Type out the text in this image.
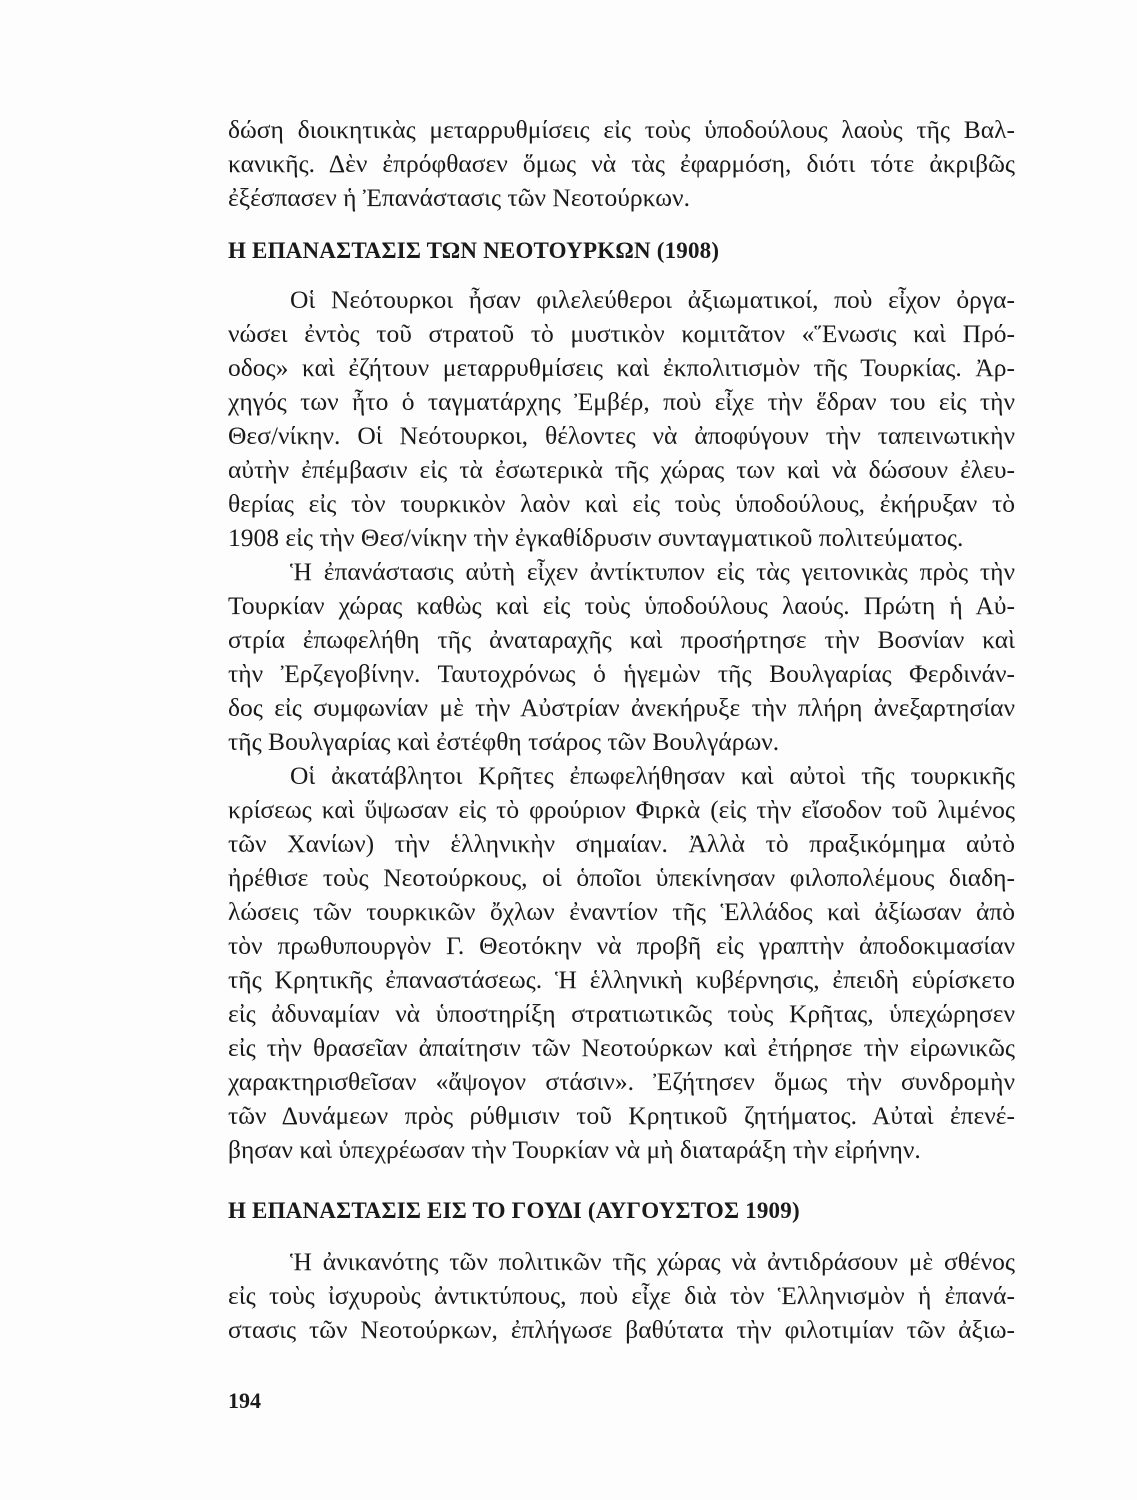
δώση διοικητικὰς μεταρρυθμίσεις εἰς τοὺς ὑποδούλους λαοὺς τῆς Βαλ-
κανικῆς. Δὲν ἐπρόφθασεν ὅμως νὰ τὰς ἐφαρμόση, διότι τότε ἀκριβῶς
ἐξέσπασεν ἡ Ἐπανάστασις τῶν Νεοτούρκων.
Η ΕΠΑΝΑΣΤΑΣΙΣ ΤΩΝ ΝΕΟΤΟΥΡΚΩΝ (1908)
Οἱ Νεότουρκοι ἦσαν φιλελεύθεροι ἀξιωματικοί, ποὺ εἶχον ὀργα-
νώσει ἐντὸς τοῦ στρατοῦ τὸ μυστικὸν κομιτᾶτον «Ἕνωσις καὶ Πρό-
οδος» καὶ ἐζήτουν μεταρρυθμίσεις καὶ ἐκπολιτισμὸν τῆς Τουρκίας. Ἀρ-
χηγός των ἦτο ὁ ταγματάρχης Ἐμβέρ, ποὺ εἶχε τὴν ἕδραν του εἰς τὴν
Θεσ/νίκην. Οἱ Νεότουρκοι, θέλοντες νὰ ἀποφύγουν τὴν ταπεινωτικὴν
αὐτὴν ἐπέμβασιν εἰς τὰ ἐσωτερικὰ τῆς χώρας των καὶ νὰ δώσουν ἐλευ-
θερίας εἰς τὸν τουρκικὸν λαὸν καὶ εἰς τοὺς ὑποδούλους, ἐκήρυξαν τὸ
1908 εἰς τὴν Θεσ/νίκην τὴν ἐγκαθίδρυσιν συνταγματικοῦ πολιτεύματος.
Ἡ ἐπανάστασις αὐτὴ εἶχεν ἀντίκτυπον εἰς τὰς γειτονικὰς πρὸς τὴν
Τουρκίαν χώρας καθὼς καὶ εἰς τοὺς ὑποδούλους λαούς. Πρώτη ἡ Αὐ-
στρία ἐπωφελήθη τῆς ἀναταραχῆς καὶ προσήρτησε τὴν Βοσνίαν καὶ
τὴν Ἐρζεγοβίνην. Ταυτοχρόνως ὁ ἡγεμὼν τῆς Βουλγαρίας Φερδινάν-
δος εἰς συμφωνίαν μὲ τὴν Αὐστρίαν ἀνεκήρυξε τὴν πλήρη ἀνεξαρτησίαν
τῆς Βουλγαρίας καὶ ἐστέφθη τσάρος τῶν Βουλγάρων.
Οἱ ἀκατάβλητοι Κρῆτες ἐπωφελήθησαν καὶ αὐτοὶ τῆς τουρκικῆς
κρίσεως καὶ ὕψωσαν εἰς τὸ φρούριον Φιρκὰ (εἰς τὴν εἴσοδον τοῦ λιμένος
τῶν Χανίων) τὴν ἑλληνικὴν σημαίαν. Ἀλλὰ τὸ πραξικόμημα αὐτὸ
ἠρέθισε τοὺς Νεοτούρκους, οἱ ὁποῖοι ὑπεκίνησαν φιλοπολέμους διαδη-
λώσεις τῶν τουρκικῶν ὄχλων ἐναντίον τῆς Ἑλλάδος καὶ ἀξίωσαν ἀπὸ
τὸν πρωθυπουργὸν Γ. Θεοτόκην νὰ προβῆ εἰς γραπτὴν ἀποδοκιμασίαν
τῆς Κρητικῆς ἐπαναστάσεως. Ἡ ἑλληνικὴ κυβέρνησις, ἐπειδὴ εὑρίσκετο
εἰς ἀδυναμίαν νὰ ὑποστηρίξη στρατιωτικῶς τοὺς Κρῆτας, ὑπεχώρησεν
εἰς τὴν θρασεῖαν ἀπαίτησιν τῶν Νεοτούρκων καὶ ἐτήρησε τὴν εἰρωνικῶς
χαρακτηρισθεῖσαν «ἄψογον στάσιν». Ἐζήτησεν ὅμως τὴν συνδρομὴν
τῶν Δυνάμεων πρὸς ρύθμισιν τοῦ Κρητικοῦ ζητήματος. Αὐταὶ ἐπενέ-
βησαν καὶ ὑπεχρέωσαν τὴν Τουρκίαν νὰ μὴ διαταράξη τὴν εἰρήνην.
Η ΕΠΑΝΑΣΤΑΣΙΣ ΕΙΣ ΤΟ ΓΟΥΔΙ (ΑΥΓΟΥΣΤΟΣ 1909)
Ἡ ἀνικανότης τῶν πολιτικῶν τῆς χώρας νὰ ἀντιδράσουν μὲ σθένος
εἰς τοὺς ἰσχυροὺς ἀντικτύπους, ποὺ εἶχε διὰ τὸν Ἑλληνισμὸν ἡ ἐπανά-
στασις τῶν Νεοτούρκων, ἐπλήγωσε βαθύτατα τὴν φιλοτιμίαν τῶν ἀξιω-
194
